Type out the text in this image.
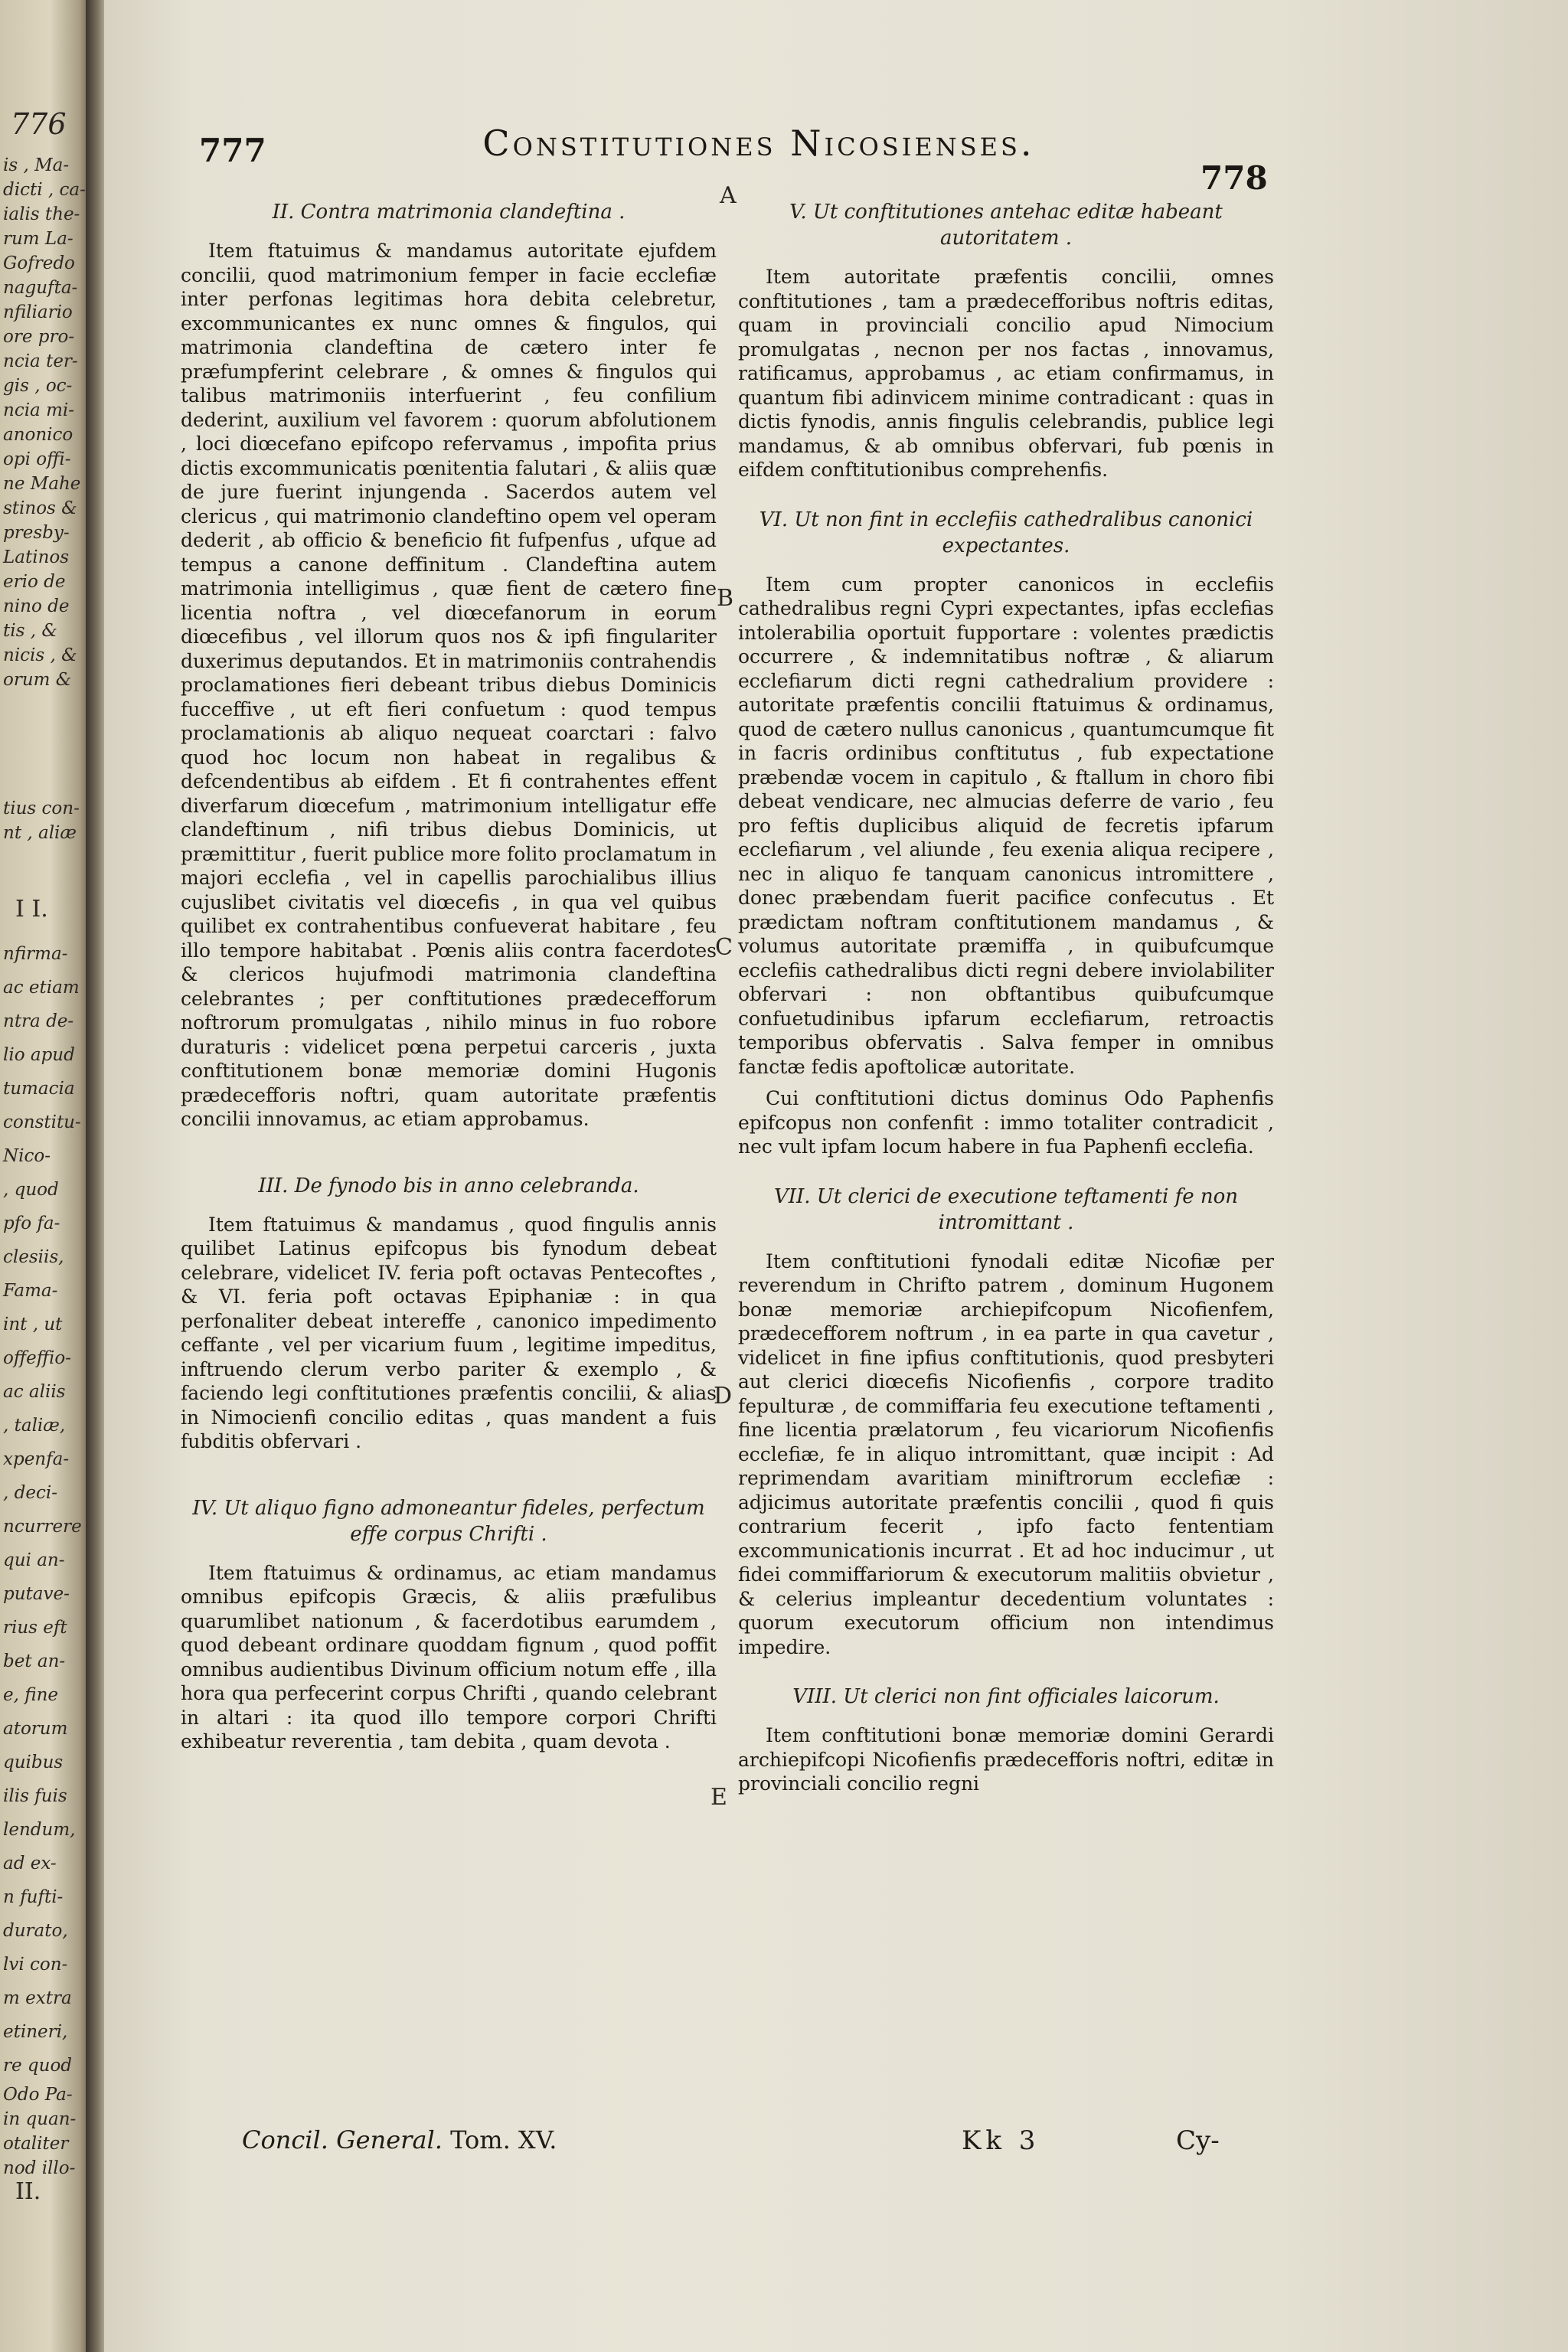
776
is , Ma-
dicti , ca-
ialis the-
rum La-
Gofredo
nagufta-
nfiliario
ore pro-
ncia ter-
gis , oc-
ncia mi-
anonico
opi offi-
ne Mahe
stinos &
presby-
Latinos
erio de
nino de
tis , &
nicis , &
orum &
tius con-
nt , aliæ
I I.
nfirma-
ac etiam
ntra de-
lio apud
tumacia
constitu-
Nico-
, quod
pfo fa-
clesiis,
Fama-
int , ut
offeffio-
ac aliis
, taliæ,
xpenfa-
, deci-
ncurrere
qui an-
putave-
rius eft
bet an-
e, fine
atorum
quibus
ilis fuis
lendum,
ad ex-
n fufti-
durato,
lvi con-
m extra
etineri,
re quod
Odo Pa-
in quan-
otaliter
nod illo-
II.
777	Constitutiones Nicosienses.
778
A
B
C
D
E
II. Contra matrimonia clandeftina .

Item ftatuimus & mandamus autoritate ejufdem concilii, quod matrimonium femper in facie ecclefiæ inter perfonas legitimas hora debita celebretur, excommunicantes ex nunc omnes & fingulos, qui matrimonia clandeftina de cætero inter fe præfumpferint celebrare , & omnes & fingulos qui talibus matrimoniis interfuerint , feu confilium dederint, auxilium vel favorem : quorum abfolutionem , loci diœcefano epifcopo refervamus , impofita prius dictis excommunicatis pœnitentia falutari , & aliis quæ de jure fuerint injungenda . Sacerdos autem vel clericus , qui matrimonio clandeftino opem vel operam dederit , ab officio & beneficio fit fufpenfus , ufque ad tempus a canone deffinitum . Clandeftina autem matrimonia intelligimus , quæ fient de cætero fine licentia noftra , vel diœcefanorum in eorum diœcefibus , vel illorum quos nos & ipfi fingulariter duxerimus deputandos. Et in matrimoniis contrahendis proclamationes fieri debeant tribus diebus Dominicis fucceffive , ut eft fieri confuetum : quod tempus proclamationis ab aliquo nequeat coarctari : falvo quod hoc locum non habeat in regalibus & defcendentibus ab eifdem . Et fi contrahentes effent diverfarum diœcefum , matrimonium intelligatur effe clandeftinum , nifi tribus diebus Dominicis, ut præmittitur , fuerit publice more folito proclamatum in majori ecclefia , vel in capellis parochialibus illius cujuslibet civitatis vel diœcefis , in qua vel quibus quilibet ex contrahentibus confueverat habitare , feu illo tempore habitabat . Pœnis aliis contra facerdotes & clericos hujufmodi matrimonia clandeftina celebrantes ; per conftitutiones prædecefforum noftrorum promulgatas , nihilo minus in fuo robore duraturis : videlicet pœna perpetui carceris , juxta conftitutionem bonæ memoriæ domini Hugonis prædecefforis noftri, quam autoritate præfentis concilii innovamus, ac etiam approbamus.

III. De fynodo bis in anno celebranda.

Item ftatuimus & mandamus , quod fingulis annis quilibet Latinus epifcopus bis fynodum debeat celebrare, videlicet IV. feria poft octavas Pentecoftes , & VI. feria poft octavas Epiphaniæ : in qua perfonaliter debeat intereffe , canonico impedimento ceffante , vel per vicarium fuum , legitime impeditus, inftruendo clerum verbo pariter & exemplo , & faciendo legi conftitutiones præfentis concilii, & alias in Nimocienfi concilio editas , quas mandent a fuis fubditis obfervari .

IV. Ut aliquo figno admoneantur fideles, perfectum effe corpus Chrifti .

Item ftatuimus & ordinamus, ac etiam mandamus omnibus epifcopis Græcis, & aliis præfulibus quarumlibet nationum , & facerdotibus earumdem , quod debeant ordinare quoddam fignum , quod poffit omnibus audientibus Divinum officium notum effe , illa hora qua perfecerint corpus Chrifti , quando celebrant in altari : ita quod illo tempore corpori Chrifti exhibeatur reverentia , tam debita , quam devota .

V. Ut conftitutiones antehac editæ habeant autoritatem .

Item autoritate præfentis concilii, omnes conftitutiones , tam a prædecefforibus noftris editas, quam in provinciali concilio apud Nimocium promulgatas , necnon per nos factas , innovamus, ratificamus, approbamus , ac etiam confirmamus, in quantum fibi adinvicem minime contradicant : quas in dictis fynodis, annis fingulis celebrandis, publice legi mandamus, & ab omnibus obfervari, fub pœnis in eifdem conftitutionibus comprehenfis.

VI. Ut non fint in ecclefiis cathedralibus canonici expectantes.

Item cum propter canonicos in ecclefiis cathedralibus regni Cypri expectantes, ipfas ecclefias intolerabilia oportuit fupportare : volentes prædictis occurrere , & indemnitatibus noftræ , & aliarum ecclefiarum dicti regni cathedralium providere : autoritate præfentis concilii ftatuimus & ordinamus, quod de cætero nullus canonicus , quantumcumque fit in facris ordinibus conftitutus , fub expectatione præbendæ vocem in capitulo , & ftallum in choro fibi debeat vendicare, nec almucias deferre de vario , feu pro feftis duplicibus aliquid de fecretis ipfarum ecclefiarum , vel aliunde , feu exenia aliqua recipere , nec in aliquo fe tanquam canonicus intromittere , donec præbendam fuerit pacifice confecutus . Et prædictam noftram conftitutionem mandamus , & volumus autoritate præmiffa , in quibufcumque ecclefiis cathedralibus dicti regni debere inviolabiliter obfervari : non obftantibus quibufcumque confuetudinibus ipfarum ecclefiarum, retroactis temporibus obfervatis . Salva femper in omnibus fanctæ fedis apoftolicæ autoritate.

Cui conftitutioni dictus dominus Odo Paphenfis epifcopus non confenfit : immo totaliter contradicit , nec vult ipfam locum habere in fua Paphenfi ecclefia.

VII. Ut clerici de executione teftamenti fe non intromittant .

Item conftitutioni fynodali editæ Nicofiæ per reverendum in Chrifto patrem , dominum Hugonem bonæ memoriæ archiepifcopum Nicofienfem, prædecefforem noftrum , in ea parte in qua cavetur , videlicet in fine ipfius conftitutionis, quod presbyteri aut clerici diœcefis Nicofienfis , corpore tradito fepulturæ , de commiffaria feu executione teftamenti , fine licentia prælatorum , feu vicariorum Nicofienfis ecclefiæ, fe in aliquo intromittant, quæ incipit : Ad reprimendam avaritiam miniftrorum ecclefiæ : adjicimus autoritate præfentis concilii , quod fi quis contrarium fecerit , ipfo facto fententiam excommunicationis incurrat . Et ad hoc inducimur , ut fidei commiffariorum & executorum malitiis obvietur , & celerius impleantur decedentium voluntates : quorum executorum officium non intendimus impedire.

VIII. Ut clerici non fint officiales laicorum.

Item conftitutioni bonæ memoriæ domini Gerardi archiepifcopi Nicofienfis prædecefforis noftri, editæ in provinciali concilio regni

Concil. General. Tom. XV.	Kk 3	Cy-
